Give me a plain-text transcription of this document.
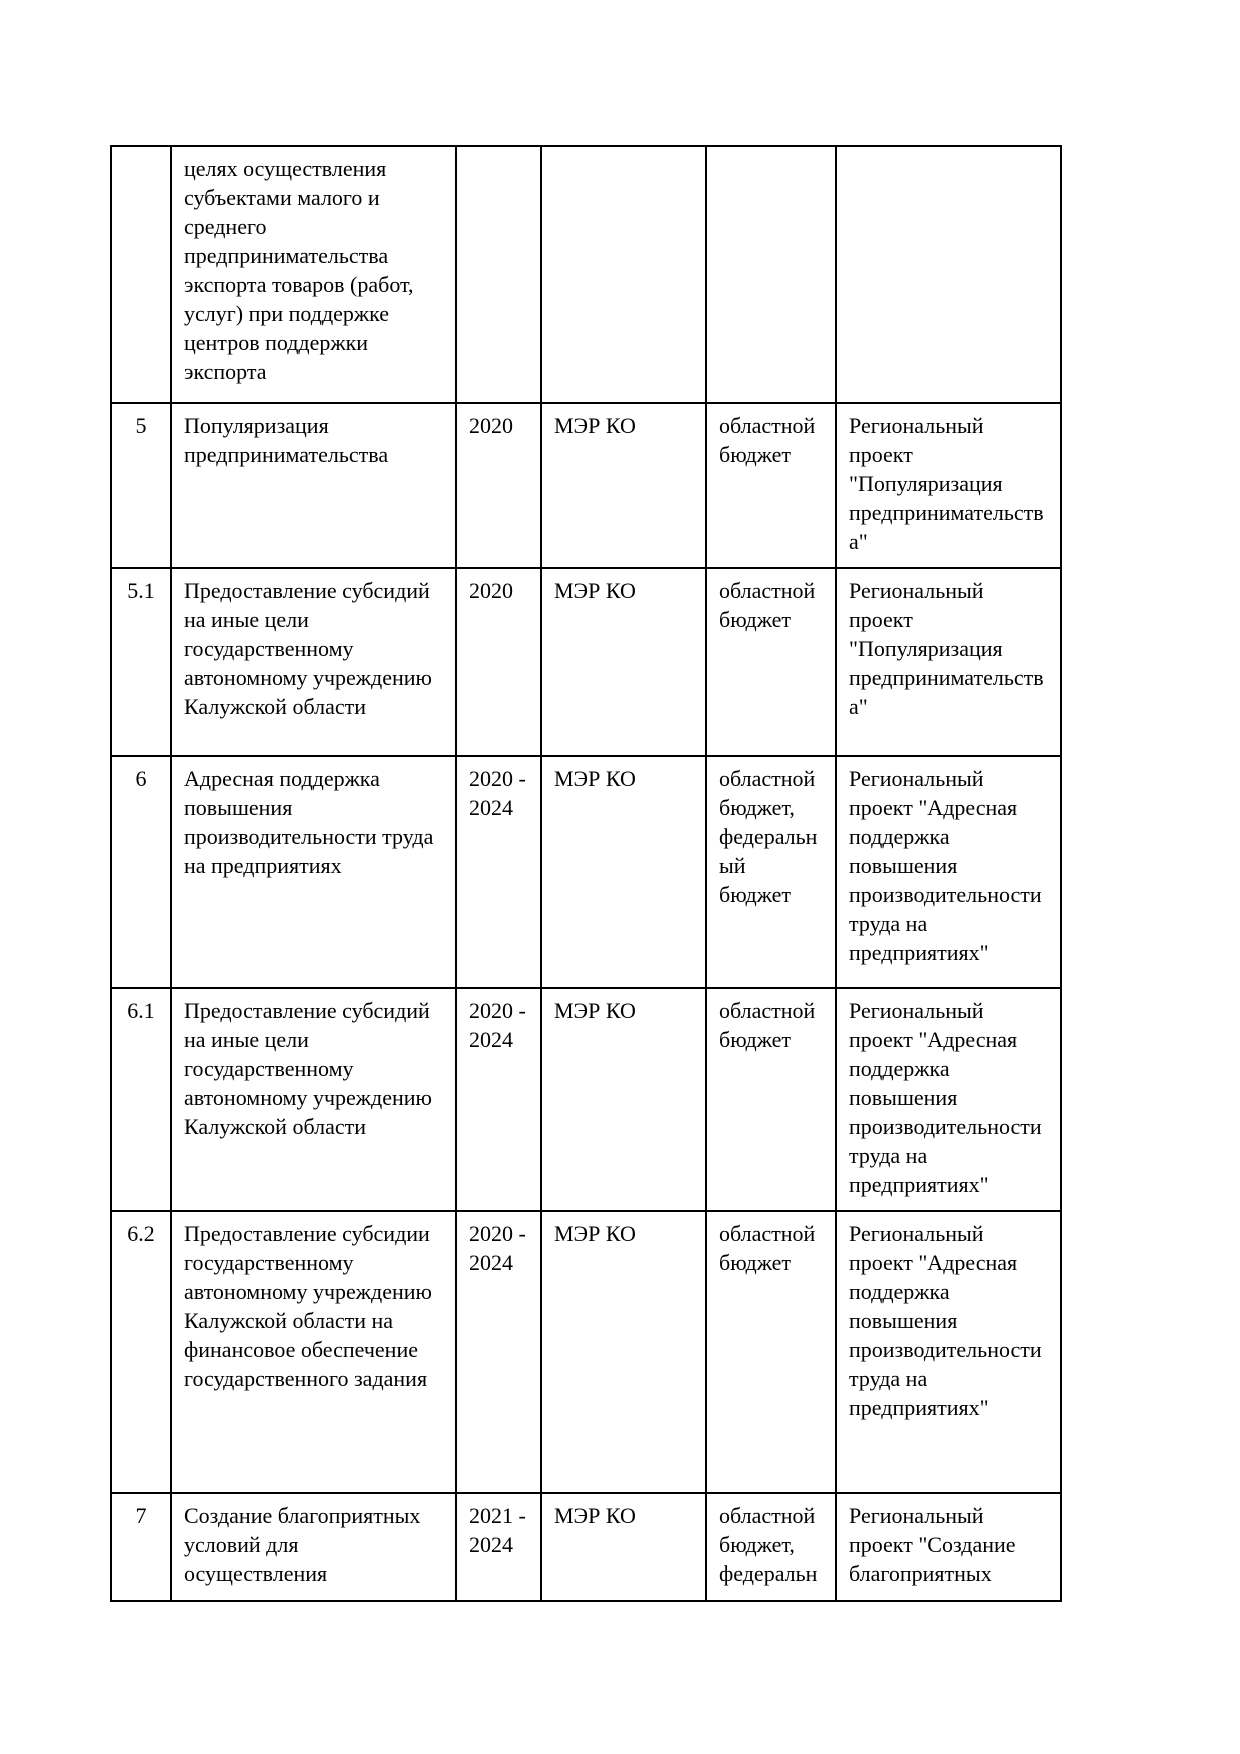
	целях осуществления субъектами малого и среднего предпринимательства экспорта товаров (работ, услуг) при поддержке центров поддержки экспорта				
5	Популяризация предпринимательства	2020	МЭР КО	областной бюджет	Региональный проект "Популяризация предпринимательства"
5.1	Предоставление субсидий на иные цели государственному автономному учреждению Калужской области	2020	МЭР КО	областной бюджет	Региональный проект "Популяризация предпринимательства"
6	Адресная поддержка повышения производительности труда на предприятиях	2020 - 2024	МЭР КО	областной бюджет, федеральный бюджет	Региональный проект "Адресная поддержка повышения производительности труда на предприятиях"
6.1	Предоставление субсидий на иные цели государственному автономному учреждению Калужской области	2020 - 2024	МЭР КО	областной бюджет	Региональный проект "Адресная поддержка повышения производительности труда на предприятиях"
6.2	Предоставление субсидии государственному автономному учреждению Калужской области на финансовое обеспечение государственного задания	2020 - 2024	МЭР КО	областной бюджет	Региональный проект "Адресная поддержка повышения производительности труда на предприятиях"
7	Создание благоприятных условий для осуществления	2021 - 2024	МЭР КО	областной бюджет, федеральн	Региональный проект "Создание благоприятных
